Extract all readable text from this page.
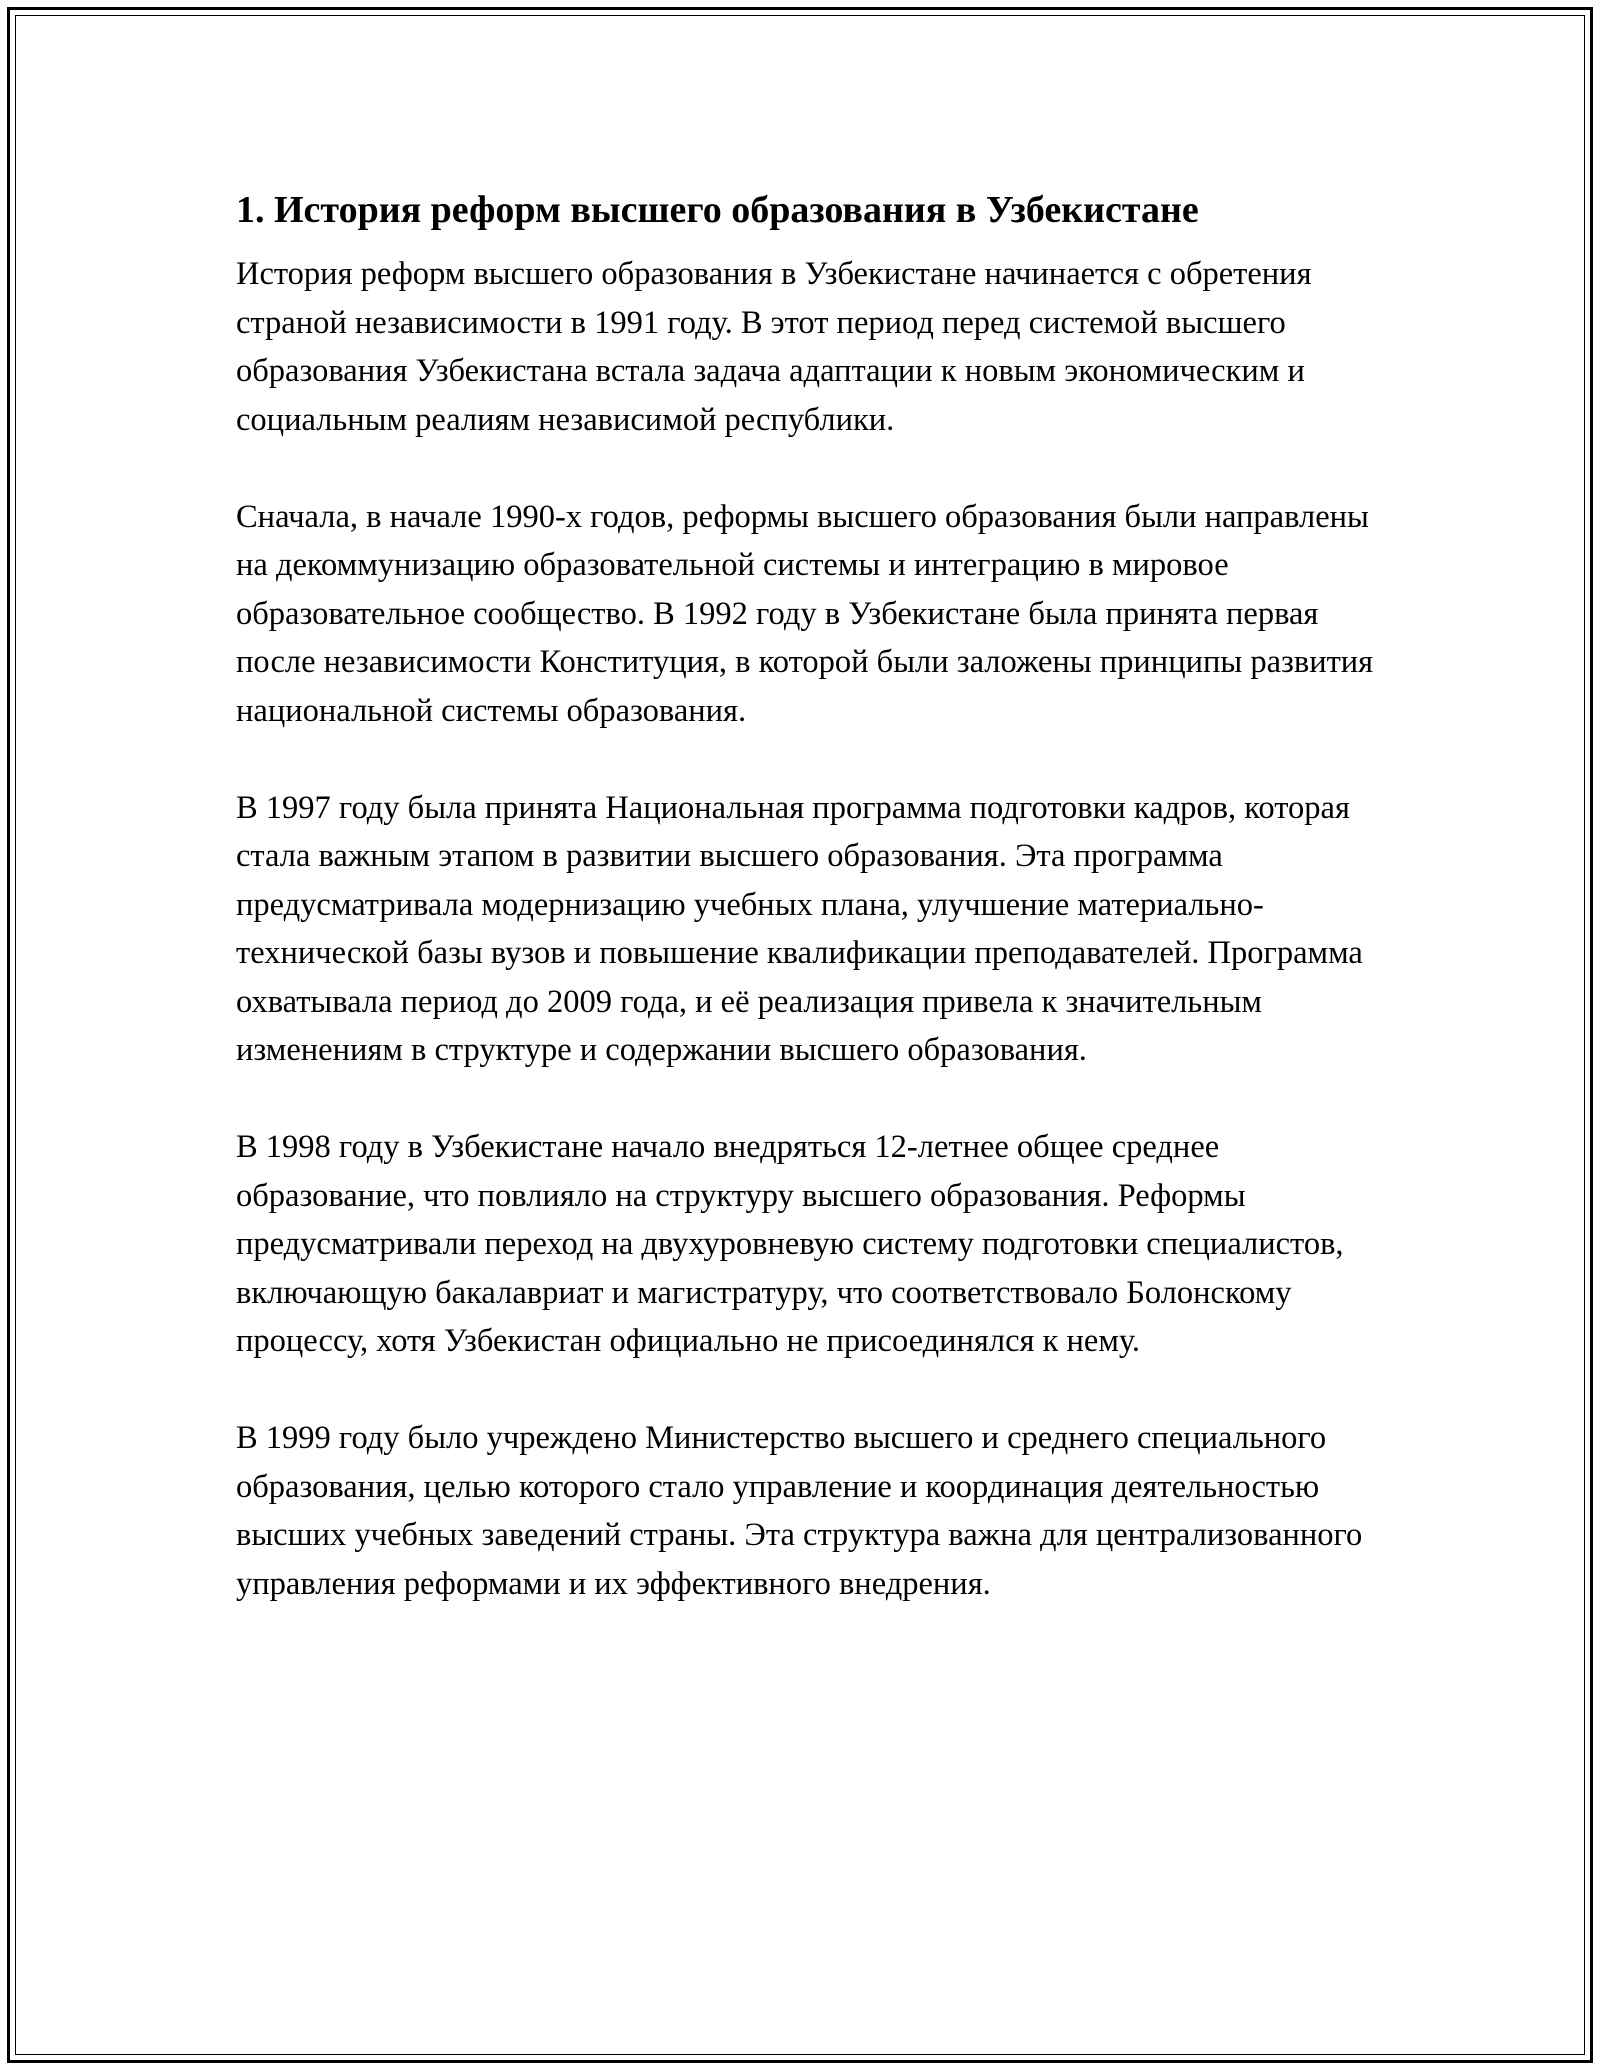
1. История реформ высшего образования в Узбекистане

История реформ высшего образования в Узбекистане начинается с обретения страной независимости в 1991 году. В этот период перед системой высшего образования Узбекистана встала задача адаптации к новым экономическим и социальным реалиям независимой республики.

Сначала, в начале 1990-х годов, реформы высшего образования были направлены на декоммунизацию образовательной системы и интеграцию в мировое образовательное сообщество. В 1992 году в Узбекистане была принята первая после независимости Конституция, в которой были заложены принципы развития национальной системы образования.

В 1997 году была принята Национальная программа подготовки кадров, которая стала важным этапом в развитии высшего образования. Эта программа предусматривала модернизацию учебных плана, улучшение материально-технической базы вузов и повышение квалификации преподавателей. Программа охватывала период до 2009 года, и её реализация привела к значительным изменениям в структуре и содержании высшего образования.

В 1998 году в Узбекистане начало внедряться 12-летнее общее среднее образование, что повлияло на структуру высшего образования. Реформы предусматривали переход на двухуровневую систему подготовки специалистов, включающую бакалавриат и магистратуру, что соответствовало Болонскому процессу, хотя Узбекистан официально не присоединялся к нему.

В 1999 году было учреждено Министерство высшего и среднего специального образования, целью которого стало управление и координация деятельностью высших учебных заведений страны. Эта структура важна для централизованного управления реформами и их эффективного внедрения.
